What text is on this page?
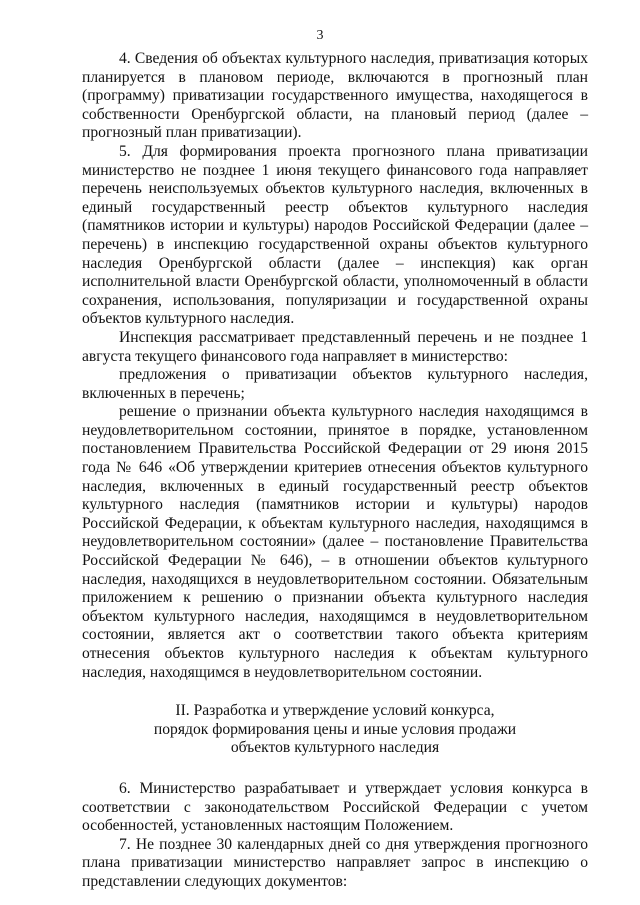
3

4. Сведения об объектах культурного наследия, приватизация которых планируется в плановом периоде, включаются в прогнозный план (программу) приватизации государственного имущества, находящегося в собственности Оренбургской области, на плановый период (далее – прогнозный план приватизации).

5. Для формирования проекта прогнозного плана приватизации министерство не позднее 1 июня текущего финансового года направляет перечень неиспользуемых объектов культурного наследия, включенных в единый государственный реестр объектов культурного наследия (памятников истории и культуры) народов Российской Федерации (далее – перечень) в инспекцию государственной охраны объектов культурного наследия Оренбургской области (далее – инспекция) как орган исполнительной власти Оренбургской области, уполномоченный в области сохранения, использования, популяризации и государственной охраны объектов культурного наследия.

Инспекция рассматривает представленный перечень и не позднее 1 августа текущего финансового года направляет в министерство:

предложения о приватизации объектов культурного наследия, включенных в перечень;

решение о признании объекта культурного наследия находящимся в неудовлетворительном состоянии, принятое в порядке, установленном постановлением Правительства Российской Федерации от 29 июня 2015 года № 646 «Об утверждении критериев отнесения объектов культурного наследия, включенных в единый государственный реестр объектов культурного наследия (памятников истории и культуры) народов Российской Федерации, к объектам культурного наследия, находящимся в неудовлетворительном состоянии» (далее – постановление Правительства Российской Федерации № 646), – в отношении объектов культурного наследия, находящихся в неудовлетворительном состоянии. Обязательным приложением к решению о признании объекта культурного наследия объектом культурного наследия, находящимся в неудовлетворительном состоянии, является акт о соответствии такого объекта критериям отнесения объектов культурного наследия к объектам культурного наследия, находящимся в неудовлетворительном состоянии.

II. Разработка и утверждение условий конкурса,
порядок формирования цены и иные условия продажи
объектов культурного наследия

6. Министерство разрабатывает и утверждает условия конкурса в соответствии с законодательством Российской Федерации с учетом особенностей, установленных настоящим Положением.

7. Не позднее 30 календарных дней со дня утверждения прогнозного плана приватизации министерство направляет запрос в инспекцию о представлении следующих документов:
